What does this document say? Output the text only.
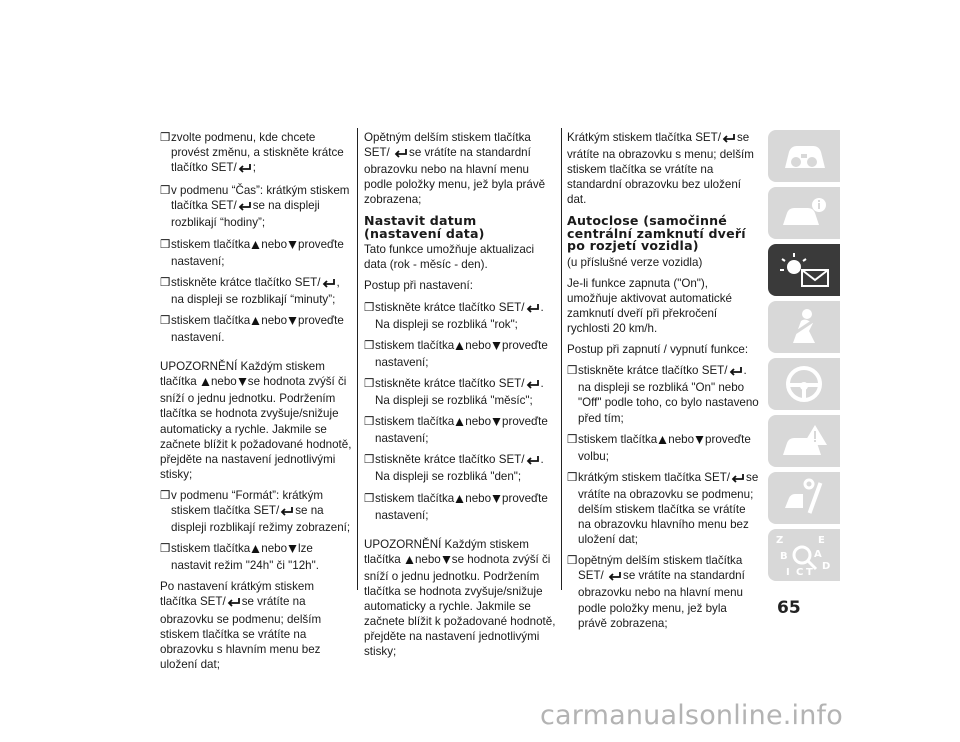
❒ zvolte podmenu, kde chcete provést změnu, a stiskněte krátce tlačítko SET/ ;
❒ v podmenu “Čas”: krátkým stiskem tlačítka SET/ se na displeji rozblikají “hodiny”;
❒ stiskem tlačítka nebo proveďte nastavení;
❒ stiskněte krátce tlačítko SET/ , na displeji se rozblikají “minuty”;
❒ stiskem tlačítka nebo proveďte nastavení.

UPOZORNĚNÍ Každým stiskem tlačítka nebo se hodnota zvýší či sníží o jednu jednotku. Podržením tlačítka se hodnota zvyšuje/snižuje automaticky a rychle. Jakmile se začnete blížit k požadované hodnotě, přejděte na nastavení jednotlivými stisky;

❒ v podmenu “Formát”: krátkým stiskem tlačítka SET/ se na displeji rozblikají režimy zobrazení;
❒ stiskem tlačítka nebo lze nastavit režim "24h" či "12h".

Po nastavení krátkým stiskem tlačítka SET/ se vrátíte na obrazovku se podmenu; delším stiskem tlačítka se vrátíte na obrazovku s hlavním menu bez uložení dat;

Opětným delším stiskem tlačítka SET/ se vrátíte na standardní obrazovku nebo na hlavní menu podle položky menu, jež byla právě zobrazena;

Nastavit datum (nastavení data)

Tato funkce umožňuje aktualizaci data (rok - měsíc - den).

Postup při nastavení:

❒ stiskněte krátce tlačítko SET/ . Na displeji se rozbliká "rok";
❒ stiskem tlačítka nebo proveďte nastavení;
❒ stiskněte krátce tlačítko SET/ . Na displeji se rozbliká "měsíc";
❒ stiskem tlačítka nebo proveďte nastavení;
❒ stiskněte krátce tlačítko SET/ . Na displeji se rozbliká "den";
❒ stiskem tlačítka nebo proveďte nastavení;

UPOZORNĚNÍ Každým stiskem tlačítka nebo se hodnota zvýší či sníží o jednu jednotku. Podržením tlačítka se hodnota zvyšuje/snižuje automaticky a rychle. Jakmile se začnete blížit k požadované hodnotě, přejděte na nastavení jednotlivými stisky;

Krátkým stiskem tlačítka SET/ se vrátíte na obrazovku s menu; delším stiskem tlačítka se vrátíte na standardní obrazovku bez uložení dat.

Autoclose (samočinné centrální zamknutí dveří po rozjetí vozidla)

(u příslušné verze vozidla)

Je-li funkce zapnuta ("On"), umožňuje aktivovat automatické zamknutí dveří při překročení rychlosti 20 km/h.

Postup při zapnutí / vypnutí funkce:

❒ stiskněte krátce tlačítko SET/ . na displeji se rozbliká "On" nebo "Off" podle toho, co bylo nastaveno před tím;
❒ stiskem tlačítka nebo proveďte volbu;
❒ krátkým stiskem tlačítka SET/ se vrátíte na obrazovku se podmenu; delším stiskem tlačítka se vrátíte na obrazovku hlavního menu bez uložení dat;
❒ opětným delším stiskem tlačítka SET/ se vrátíte na standardní obrazovku nebo na hlavní menu podle položky menu, jež byla právě zobrazena;
Z	E
B	A
D
C T
I
65
carmanualsonline.info
